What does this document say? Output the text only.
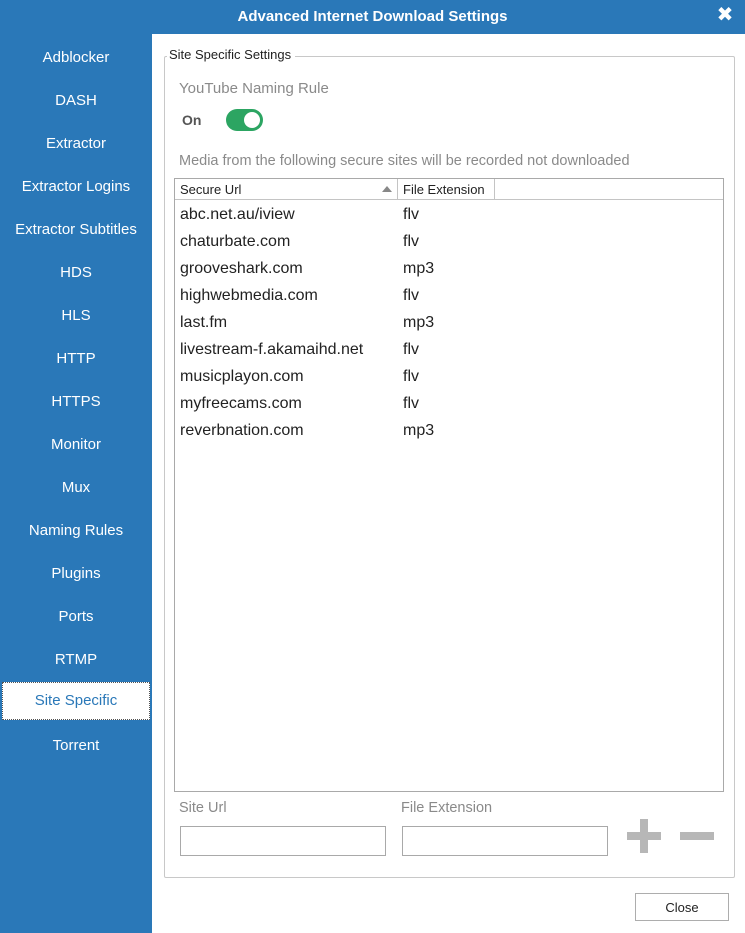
Advanced Internet Download Settings	✖
Adblocker
DASH
Extractor
Extractor Logins
Extractor Subtitles
HDS
HLS
HTTP
HTTPS
Monitor
Mux
Naming Rules
Plugins
Ports
RTMP
Site Specific
Torrent
Site Specific Settings
YouTube Naming Rule
On
Media from the following secure sites will be recorded not downloaded
Secure Url	File Extension
abc.net.au/iview	flv
chaturbate.com	flv
grooveshark.com	mp3
highwebmedia.com	flv
last.fm	mp3
livestream-f.akamaihd.net flv
musicplayon.com	flv
myfreecams.com	flv
reverbnation.com	mp3
Site Url	File Extension
Close
